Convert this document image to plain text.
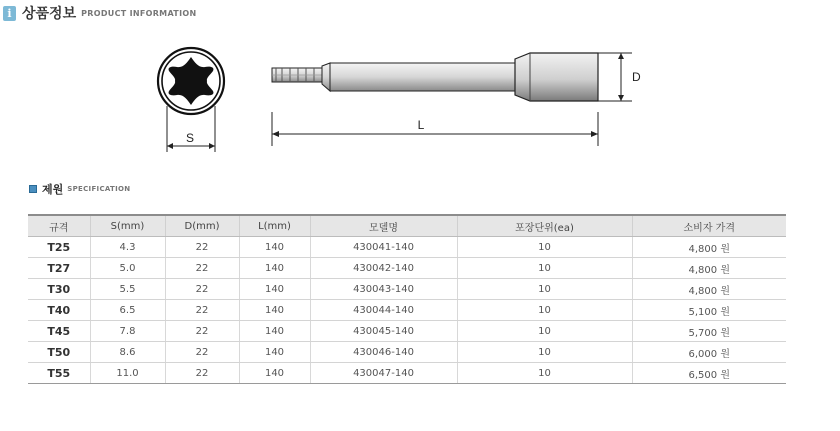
i 상품정보 PRODUCT INFORMATION
S
D
L
제원 SPECIFICATION
규격	S(mm)	D(mm)	L(mm)	모델명	포장단위(ea)	소비자 가격
T25	4.3	22	140	430041-140	10	4,800 원
T27	5.0	22	140	430042-140	10	4,800 원
T30	5.5	22	140	430043-140	10	4,800 원
T40	6.5	22	140	430044-140	10	5,100 원
T45	7.8	22	140	430045-140	10	5,700 원
T50	8.6	22	140	430046-140	10	6,000 원
T55	11.0	22	140	430047-140	10	6,500 원
